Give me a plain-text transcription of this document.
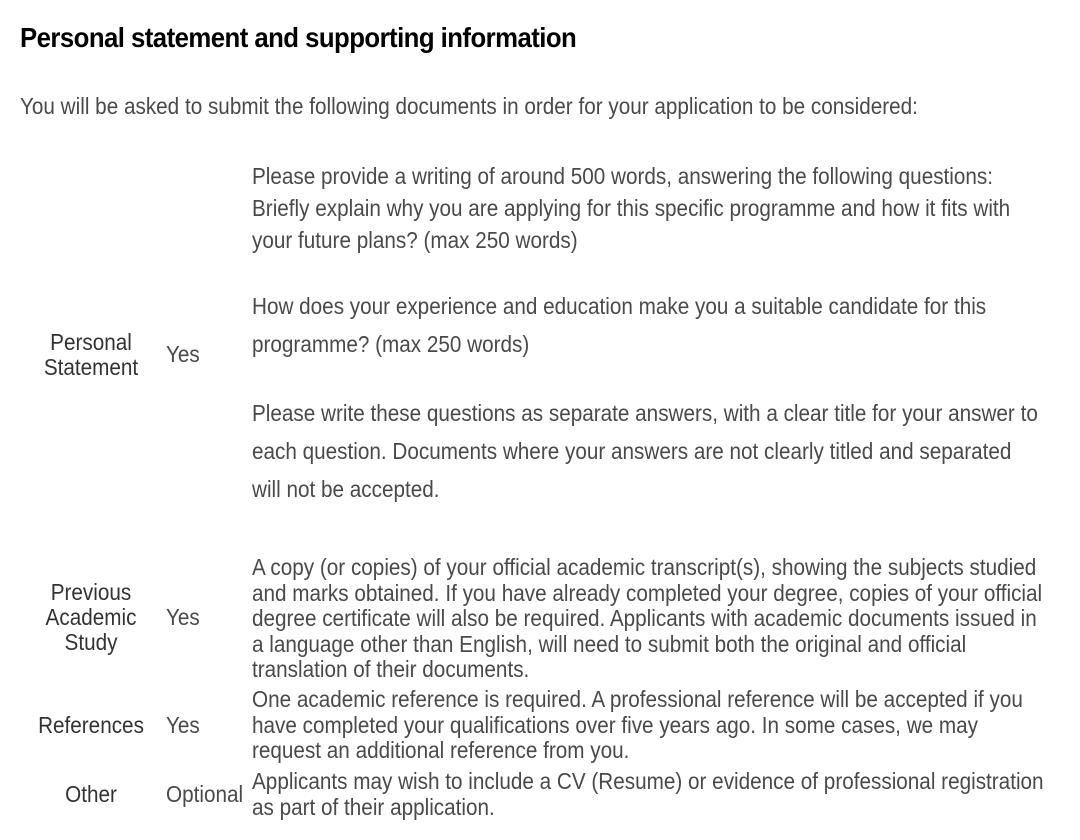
Personal statement and supporting information

You will be asked to submit the following documents in order for your application to be considered:

Personal Statement	Yes

Please provide a writing of around 500 words, answering the following questions: Briefly explain why you are applying for this specific programme and how it fits with your future plans? (max 250 words)

How does your experience and education make you a suitable candidate for this programme? (max 250 words)

Please write these questions as separate answers, with a clear title for your answer to each question. Documents where your answers are not clearly titled and separated will not be accepted.

Previous Academic Study
Yes

A copy (or copies) of your official academic transcript(s), showing the subjects studied and marks obtained. If you have already completed your degree, copies of your official degree certificate will also be required. Applicants with academic documents issued in a language other than English, will need to submit both the original and official translation of their documents.

References Yes

One academic reference is required. A professional reference will be accepted if you have completed your qualifications over five years ago. In some cases, we may request an additional reference from you.

Other	Optional Applicants may wish to include a CV (Resume) or evidence of professional registration as part of their application.
